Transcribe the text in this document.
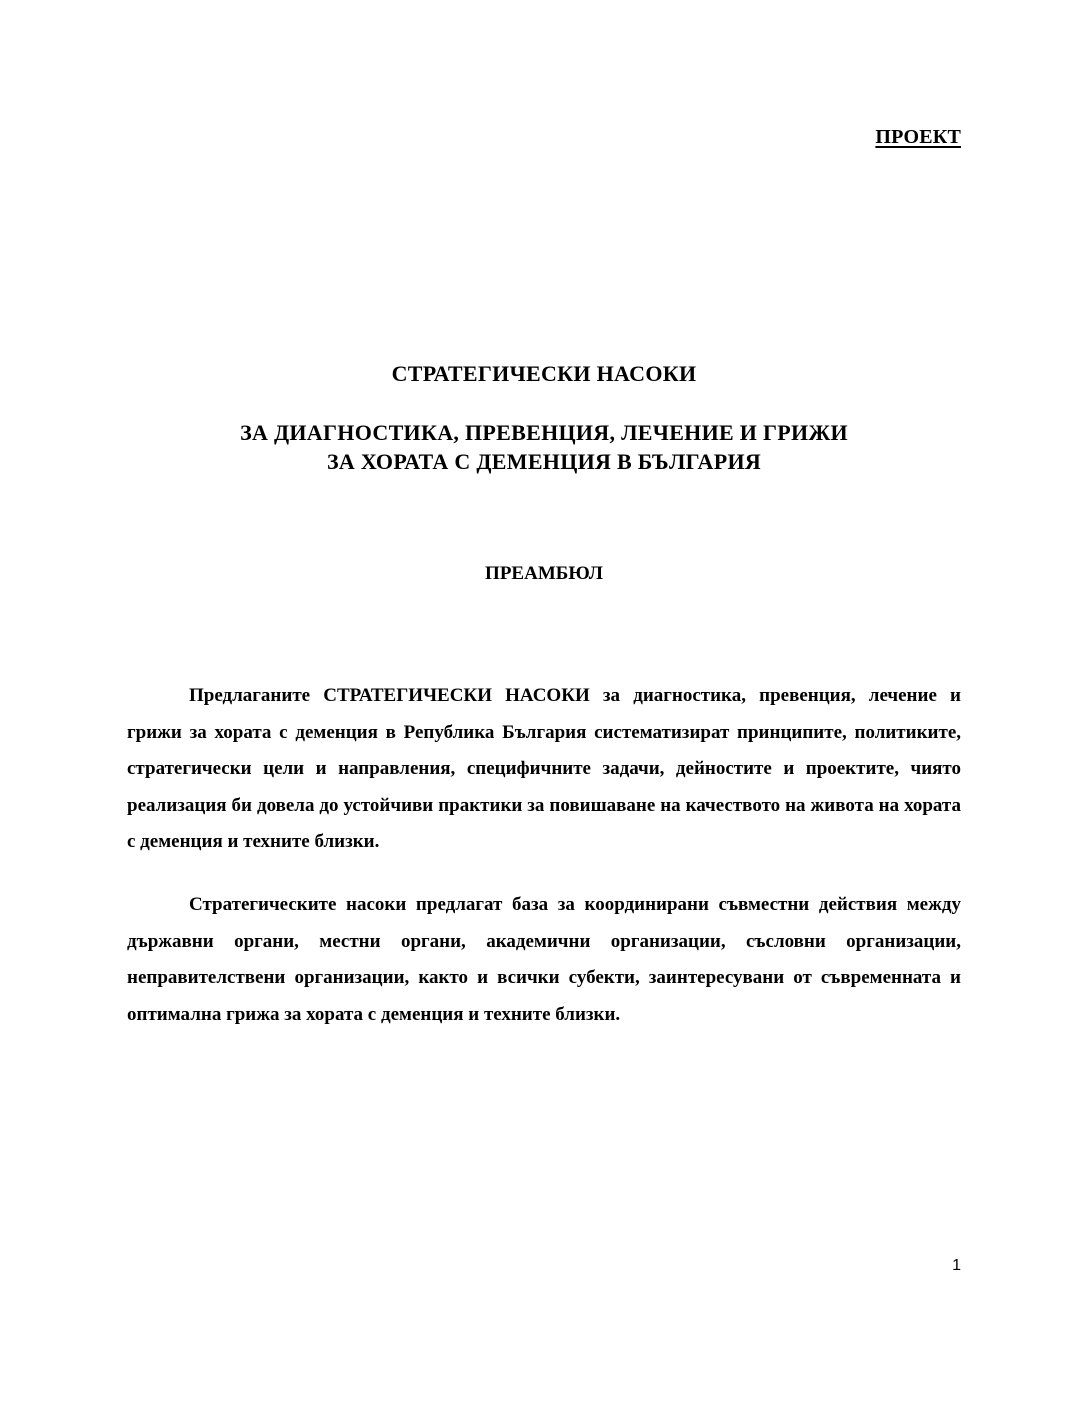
ПРОЕКТ
СТРАТЕГИЧЕСКИ НАСОКИ
ЗА ДИАГНОСТИКА, ПРЕВЕНЦИЯ, ЛЕЧЕНИЕ И ГРИЖИ
ЗА ХОРАТА С ДЕМЕНЦИЯ В БЪЛГАРИЯ
ПРЕАМБЮЛ

Предлаганите СТРАТЕГИЧЕСКИ НАСОКИ за диагностика, превенция, лечение и грижи за хората с деменция в Република България систематизират принципите, политиките, стратегически цели и направления, специфичните задачи, дейностите и проектите, чиято реализация би довела до устойчиви практики за повишаване на качеството на живота на хората с деменция и техните близки.

Стратегическите насоки предлагат база за координирани съвместни действия между държавни органи, местни органи, академични организации, съсловни организации, неправителствени организации, както и всички субекти, заинтересувани от съвременната и оптимална грижа за хората с деменция и техните близки.

1
